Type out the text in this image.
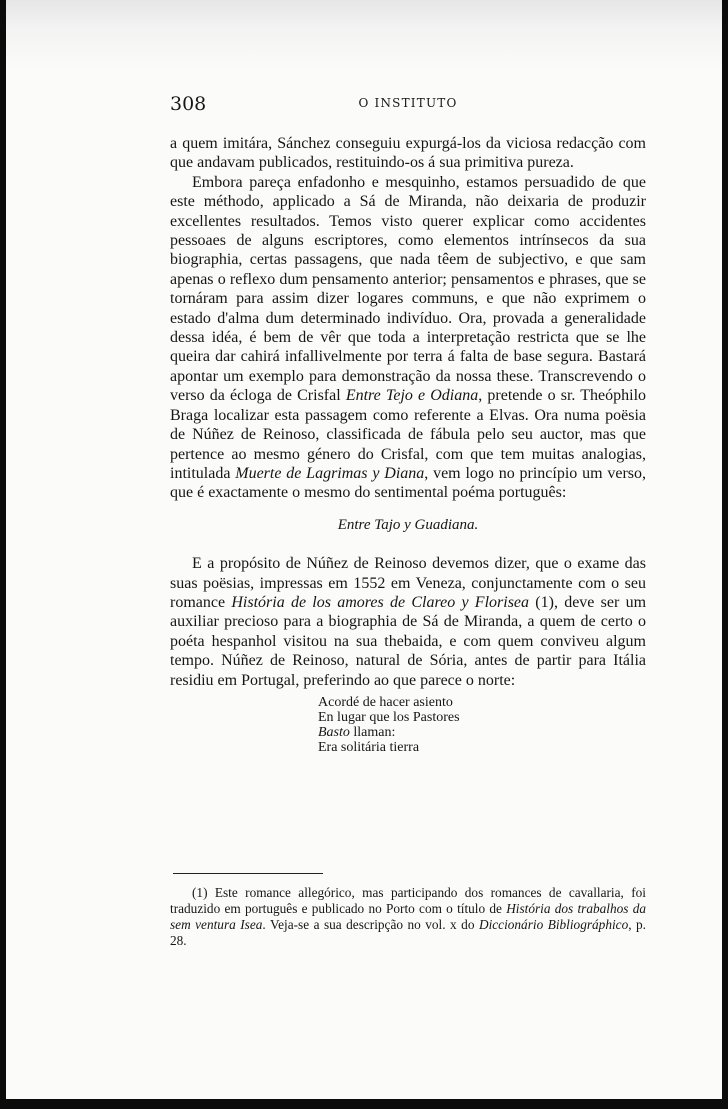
308	O INSTITUTO

a quem imitára, Sánchez conseguiu expurgá-los da viciosa redacção com que andavam publicados, restituindo-os á sua primitiva pureza.

Embora pareça enfadonho e mesquinho, estamos persuadido de que este méthodo, applicado a Sá de Miranda, não deixaria de produzir excellentes resultados. Temos visto querer explicar como accidentes pessoaes de alguns escriptores, como elementos intrínsecos da sua biographia, certas passagens, que nada têem de subjectivo, e que sam apenas o reflexo dum pensamento anterior; pensamentos e phrases, que se tornáram para assim dizer logares communs, e que não exprimem o estado d'alma dum determinado indivíduo. Ora, provada a generalidade dessa idéa, é bem de vêr que toda a interpretação restricta que se lhe queira dar cahirá infallivelmente por terra á falta de base segura. Bastará apontar um exemplo para demonstração da nossa these. Transcrevendo o verso da écloga de Crisfal Entre Tejo e Odiana, pretende o sr. Theóphilo Braga localizar esta passagem como referente a Elvas. Ora numa poësia de Núñez de Reinoso, classificada de fábula pelo seu auctor, mas que pertence ao mesmo género do Crisfal, com que tem muitas analogias, intitulada Muerte de Lagrimas y Diana, vem logo no princípio um verso, que é exactamente o mesmo do sentimental poéma português:

Entre Tajo y Guadiana.

E a propósito de Núñez de Reinoso devemos dizer, que o exame das suas poësias, impressas em 1552 em Veneza, conjunctamente com o seu romance História de los amores de Clareo y Florisea (1), deve ser um auxiliar precioso para a biographia de Sá de Miranda, a quem de certo o poéta hespanhol visitou na sua thebaida, e com quem conviveu algum tempo. Núñez de Reinoso, natural de Sória, antes de partir para Itália residiu em Portugal, preferindo ao que parece o norte:

Acordé de hacer asiento
En lugar que los Pastores
Basto llaman:
Era solitária tierra

(1) Este romance allegórico, mas participando dos romances de cavallaria, foi traduzido em português e publicado no Porto com o título de História dos trabalhos da sem ventura Isea. Veja-se a sua descripção no vol. x do Diccionário Bibliográphico, p. 28.
